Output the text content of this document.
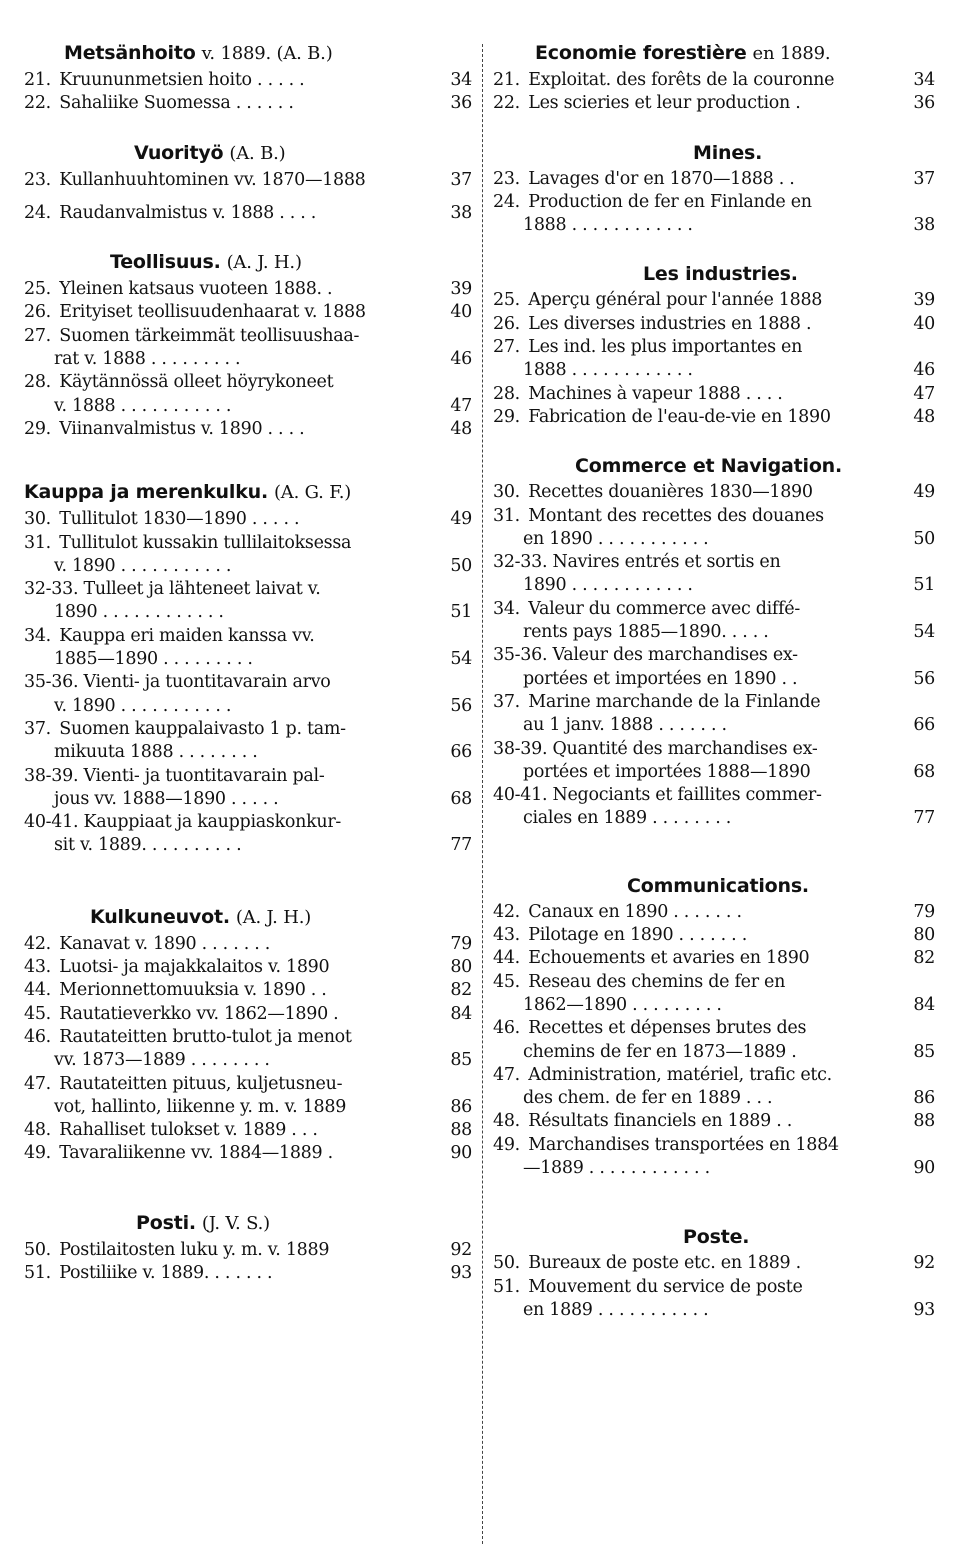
Metsänhoito v. 1889. (A. B.)
21. Kruununmetsien hoito . . . . .	34
22. Sahaliike Suomessa . . . . . .	36
Vuorityö (A. B.)
23. Kullanhuuhtominen vv. 1870—1888	37
24. Raudanvalmistus v. 1888 . . . .	38
Teollisuus. (A. J. H.)
25. Yleinen katsaus vuoteen 1888. .	39
26. Erityiset teollisuudenhaarat v. 1888	40
27. Suomen tärkeimmät teollisuushaa-
rat v. 1888 . . . . . . . . .	46
28. Käytännössä olleet höyrykoneet
v. 1888 . . . . . . . . . . .	47
29. Viinanvalmistus v. 1890 . . . .	48
Kauppa ja merenkulku. (A. G. F.)
30. Tullitulot 1830—1890 . . . . .	49
31. Tullitulot kussakin tullilaitoksessa
v. 1890 . . . . . . . . . . .	50
32-33. Tulleet ja lähteneet laivat v.
1890 . . . . . . . . . . . .	51
34. Kauppa eri maiden kanssa vv.
1885—1890 . . . . . . . . .	54
35-36. Vienti- ja tuontitavarain arvo
v. 1890 . . . . . . . . . . .	56
37. Suomen kauppalaivasto 1 p. tam-
mikuuta 1888 . . . . . . . .	66
38-39. Vienti- ja tuontitavarain pal-
jous vv. 1888—1890 . . . . .	68
40-41. Kauppiaat ja kauppiaskonkur-
sit v. 1889. . . . . . . . . .	77
Kulkuneuvot. (A. J. H.)
42. Kanavat v. 1890 . . . . . . .	79
43. Luotsi- ja majakkalaitos v. 1890	80
44. Merionnettomuuksia v. 1890 . .	82
45. Rautatieverkko vv. 1862—1890 .	84
46. Rautateitten brutto-tulot ja menot
vv. 1873—1889 . . . . . . . .	85
47. Rautateitten pituus, kuljetusneu-
vot, hallinto, liikenne y. m. v. 1889	86
48. Rahalliset tulokset v. 1889 . . .	88
49. Tavaraliikenne vv. 1884—1889 .	90
Posti. (J. V. S.)
50. Postilaitosten luku y. m. v. 1889	92
51. Postiliike v. 1889. . . . . . .	93
Economie forestière en 1889.
21. Exploitat. des forêts de la couronne	34
22. Les scieries et leur production .	36
Mines.
23. Lavages d'or en 1870—1888 . .	37
24. Production de fer en Finlande en
1888 . . . . . . . . . . . .	38
Les industries.
25. Aperçu général pour l'année 1888	39
26. Les diverses industries en 1888 .	40
27. Les ind. les plus importantes en
1888 . . . . . . . . . . . .	46
28. Machines à vapeur 1888 . . . .	47
29. Fabrication de l'eau-de-vie en 1890	48
Commerce et Navigation.
30. Recettes douanières 1830—1890	49
31. Montant des recettes des douanes
en 1890 . . . . . . . . . . .	50
32-33. Navires entrés et sortis en
1890 . . . . . . . . . . . .	51
34. Valeur du commerce avec diffé-
rents pays 1885—1890. . . . .	54
35-36. Valeur des marchandises ex-
portées et importées en 1890 . .	56
37. Marine marchande de la Finlande
au 1 janv. 1888 . . . . . . .	66
38-39. Quantité des marchandises ex-
portées et importées 1888—1890	68
40-41. Negociants et faillites commer-
ciales en 1889 . . . . . . . .	77
Communications.
42. Canaux en 1890 . . . . . . .	79
43. Pilotage en 1890 . . . . . . .	80
44. Echouements et avaries en 1890	82
45. Reseau des chemins de fer en
1862—1890 . . . . . . . . .	84
46. Recettes et dépenses brutes des
chemins de fer en 1873—1889 .	85
47. Administration, matériel, trafic etc.
des chem. de fer en 1889 . . .	86
48. Résultats financiels en 1889 . .	88
49. Marchandises transportées en 1884
—1889 . . . . . . . . . . . .	90
Poste.
50. Bureaux de poste etc. en 1889 .	92
51. Mouvement du service de poste
en 1889 . . . . . . . . . . .	93
